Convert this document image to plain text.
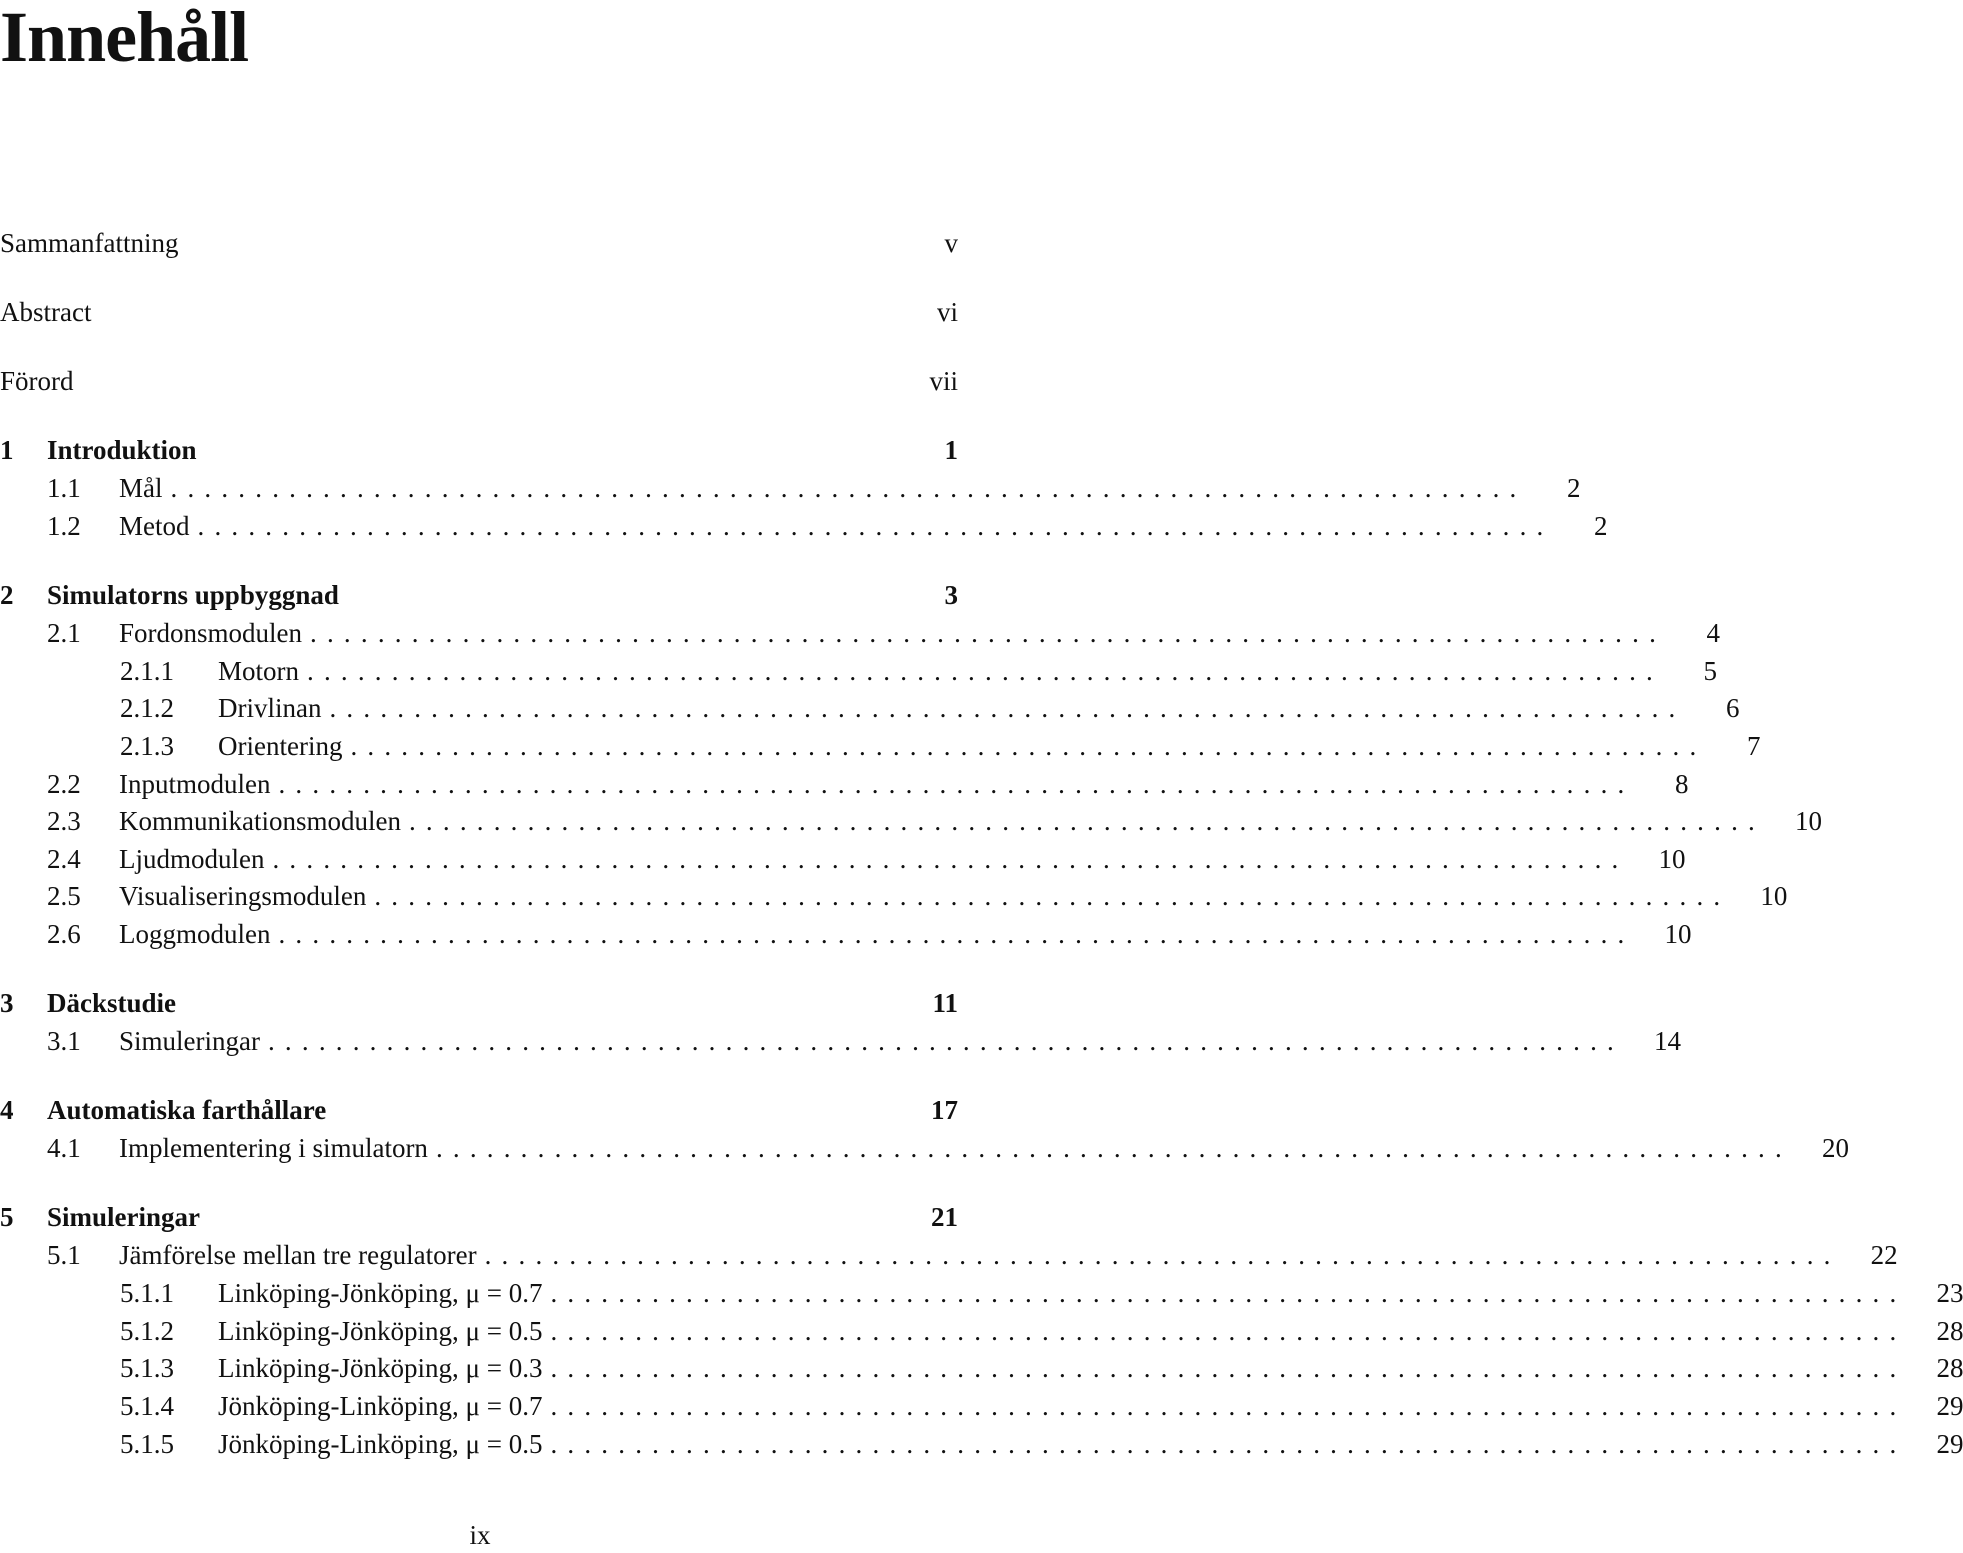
Innehåll
Sammanfattning	v
Abstract	vi
Förord	vii
1	Introduktion	1
1.1	Mål ................................................................................	2
1.2	Metod ................................................................................	2
2	Simulatorns uppbyggnad	3
2.1	Fordonsmodulen ................................................................................	4
2.1.1	Motorn ................................................................................	5
2.1.2	Drivlinan ................................................................................	6
2.1.3	Orientering ................................................................................	7
2.2	Inputmodulen ................................................................................	8
2.3	Kommunikationsmodulen ................................................................................	10
2.4	Ljudmodulen ................................................................................	10
2.5	Visualiseringsmodulen ................................................................................	10
2.6	Loggmodulen ................................................................................	10
3	Däckstudie	11
3.1	Simuleringar ................................................................................	14
4	Automatiska farthållare	17
4.1	Implementering i simulatorn ................................................................................	20
5	Simuleringar	21
5.1	Jämförelse mellan tre regulatorer ................................................................................	22
5.1.1	Linköping-Jönköping, μ = 0.7 ................................................................................	23
5.1.2	Linköping-Jönköping, μ = 0.5 ................................................................................	28
5.1.3	Linköping-Jönköping, μ = 0.3 ................................................................................	28
5.1.4	Jönköping-Linköping, μ = 0.7 ................................................................................	29
5.1.5	Jönköping-Linköping, μ = 0.5 ................................................................................	29
ix
